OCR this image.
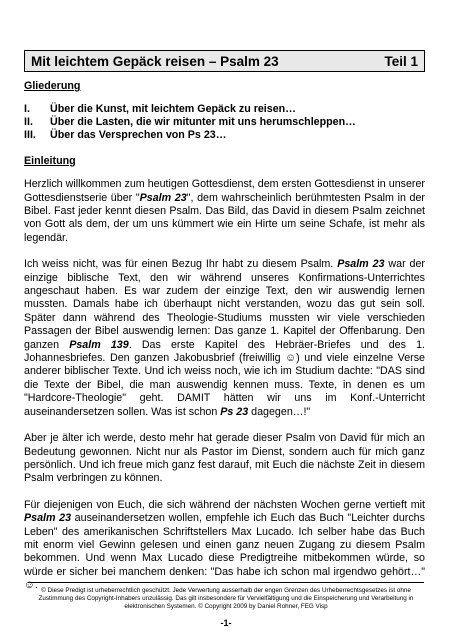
Mit leichtem Gepäck reisen – Psalm 23	Teil 1

Gliederung

I.	Über die Kunst, mit leichtem Gepäck zu reisen…
II.	Über die Lasten, die wir mitunter mit uns herumschleppen…
III.	Über das Versprechen von Ps 23…

Einleitung

Herzlich willkommen zum heutigen Gottesdienst, dem ersten Gottesdienst in unserer Gottesdienstserie über "Psalm 23", dem wahrscheinlich berühmtesten Psalm in der Bibel. Fast jeder kennt diesen Psalm. Das Bild, das David in diesem Psalm zeichnet von Gott als dem, der um uns kümmert wie ein Hirte um seine Schafe, ist mehr als legendär.

Ich weiss nicht, was für einen Bezug Ihr habt zu diesem Psalm. Psalm 23 war der einzige biblische Text, den wir während unseres Konfirmations-Unterrichtes angeschaut haben. Es war zudem der einzige Text, den wir auswendig lernen mussten. Damals habe ich überhaupt nicht verstanden, wozu das gut sein soll. Später dann während des Theologie-Studiums mussten wir viele verschieden Passagen der Bibel auswendig lernen: Das ganze 1. Kapitel der Offenbarung. Den ganzen Psalm 139. Das erste Kapitel des Hebräer-Briefes und des 1. Johannesbriefes. Den ganzen Jakobusbrief (freiwillig ☺) und viele einzelne Verse anderer biblischer Texte. Und ich weiss noch, wie ich im Studium dachte: "DAS sind die Texte der Bibel, die man auswendig kennen muss. Texte, in denen es um "Hardcore-Theologie" geht. DAMIT hätten wir uns im Konf.-Unterricht auseinandersetzen sollen. Was ist schon Ps 23 dagegen…!"

Aber je älter ich werde, desto mehr hat gerade dieser Psalm von David für mich an Bedeutung gewonnen. Nicht nur als Pastor im Dienst, sondern auch für mich ganz persönlich. Und ich freue mich ganz fest darauf, mit Euch die nächste Zeit in diesem Psalm verbringen zu können.

Für diejenigen von Euch, die sich während der nächsten Wochen gerne vertieft mit Psalm 23 auseinandersetzen wollen, empfehle ich Euch das Buch "Leichter durchs Leben" des amerikanischen Schriftstellers Max Lucado. Ich selber habe das Buch mit enorm viel Gewinn gelesen und einen ganz neuen Zugang zu diesem Psalm bekommen. Und wenn Max Lucado diese Predigtreihe mitbekommen würde, so würde er sicher bei manchem denken: "Das habe ich schon mal irgendwo gehört…" ☺. © Diese Predigt ist urheberrechtlich geschützt. Jede Verwertung ausserhalb der engen Grenzen des Urheberrechtsgesetzes ist ohne Zustimmung des Copyright-Inhabers unzulässig. Das gilt insbesondere für Vervielfältigung und die Einspeicherung und Verarbeitung in elektronischen Systemen. © Copyright 2009 by Daniel Rohner, FEG Visp
-1-
